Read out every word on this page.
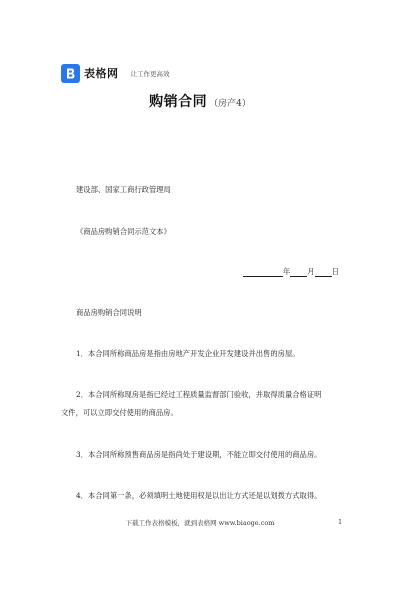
表格网 让工作更高效
购销合同 （房产4）
建设部、国家工商行政管理局
《商品房购销合同示范文本》
年 月 日
商品房购销合同说明
1．本合同所称商品房是指由房地产开发企业开发建设并出售的房屋。
2．本合同所称现房是指已经过工程质量监督部门验收，并取得质量合格证明
文件，可以立即交付使用的商品房。
3．本合同所称预售商品房是指尚处于建设期，不能立即交付使用的商品房。
4．本合同第一条，必须填明土地使用权是以出让方式还是以划拨方式取得。
下载工作表格模板，就到表格网 www.biaoge.com	1
